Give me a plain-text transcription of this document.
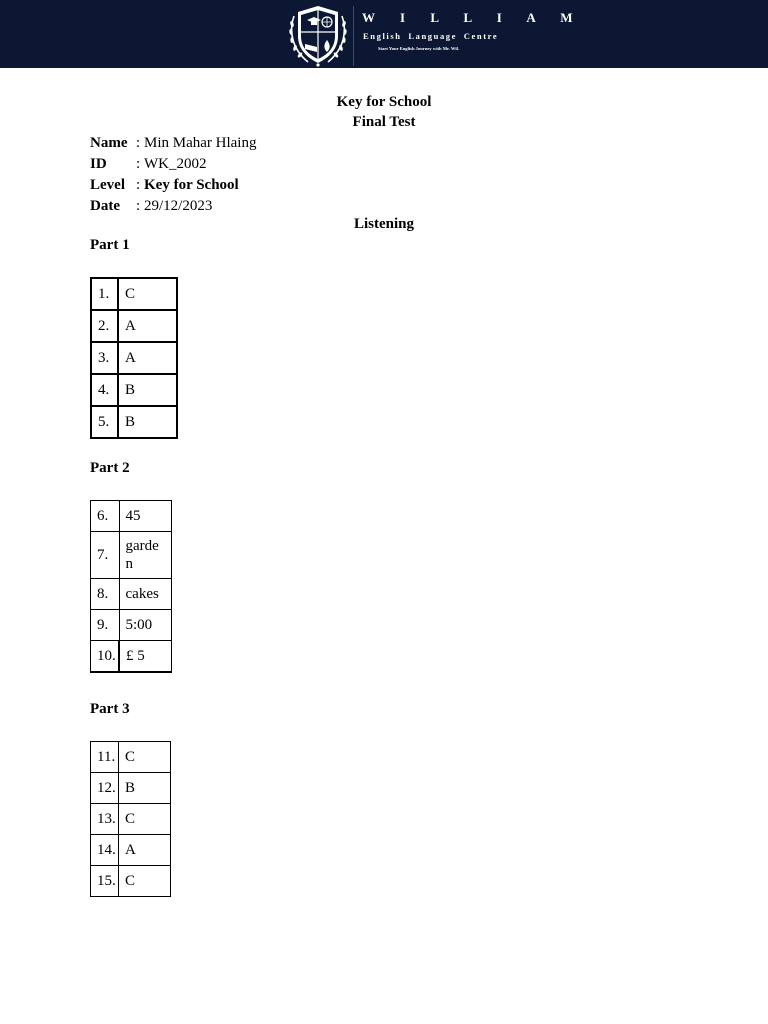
W I L L I A M
English Language Centre
Start Your English Journey with Mr. Wil.
Key for School
Final Test
Name : Min Mahar Hlaing
ID : WK_2002
Level : Key for School
Date : 29/12/2023
Listening
Part 1
1.	C
2.	A
3.	A
4.	B
5.	B
Part 2
6.	45
7.	garden
8.	cakes
9.	5:00
10.	£ 5
Part 3
11.	C
12.	B
13.	C
14.	A
15.	C
